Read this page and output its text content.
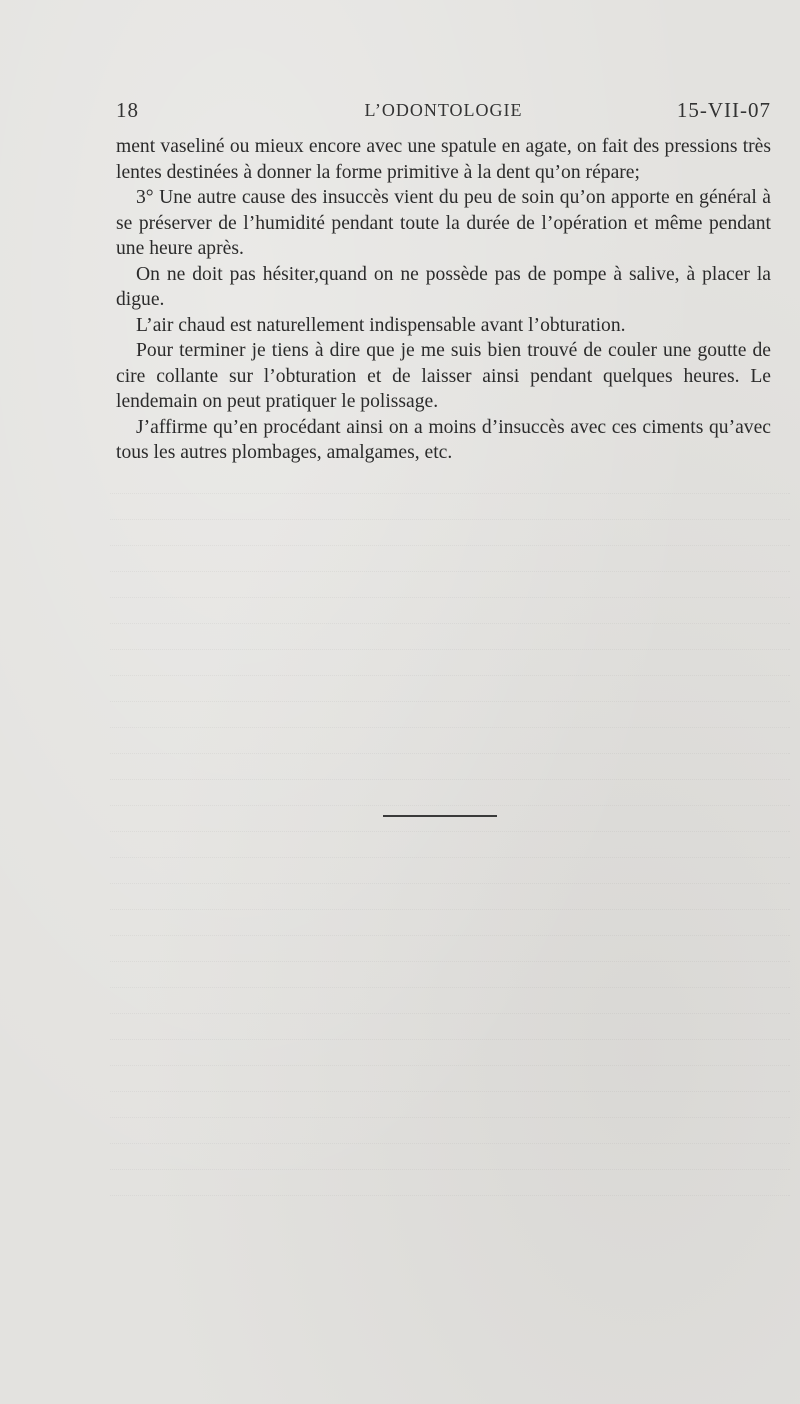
18	L’ODONTOLOGIE	15-VII-07

ment vaseliné ou mieux encore avec une spatule en agate, on fait des pressions très lentes destinées à donner la forme primitive à la dent qu’on répare;

3° Une autre cause des insuccès vient du peu de soin qu’on apporte en général à se préserver de l’humidité pendant toute la durée de l’opération et même pendant une heure après.

On ne doit pas hésiter,quand on ne possède pas de pompe à salive, à placer la digue.

L’air chaud est naturellement indispensable avant l’obturation.

Pour terminer je tiens à dire que je me suis bien trouvé de couler une goutte de cire collante sur l’obturation et de laisser ainsi pendant quelques heures. Le lendemain on peut pratiquer le polissage.

J’affirme qu’en procédant ainsi on a moins d’insuccès avec ces ciments qu’avec tous les autres plombages, amalgames, etc.
